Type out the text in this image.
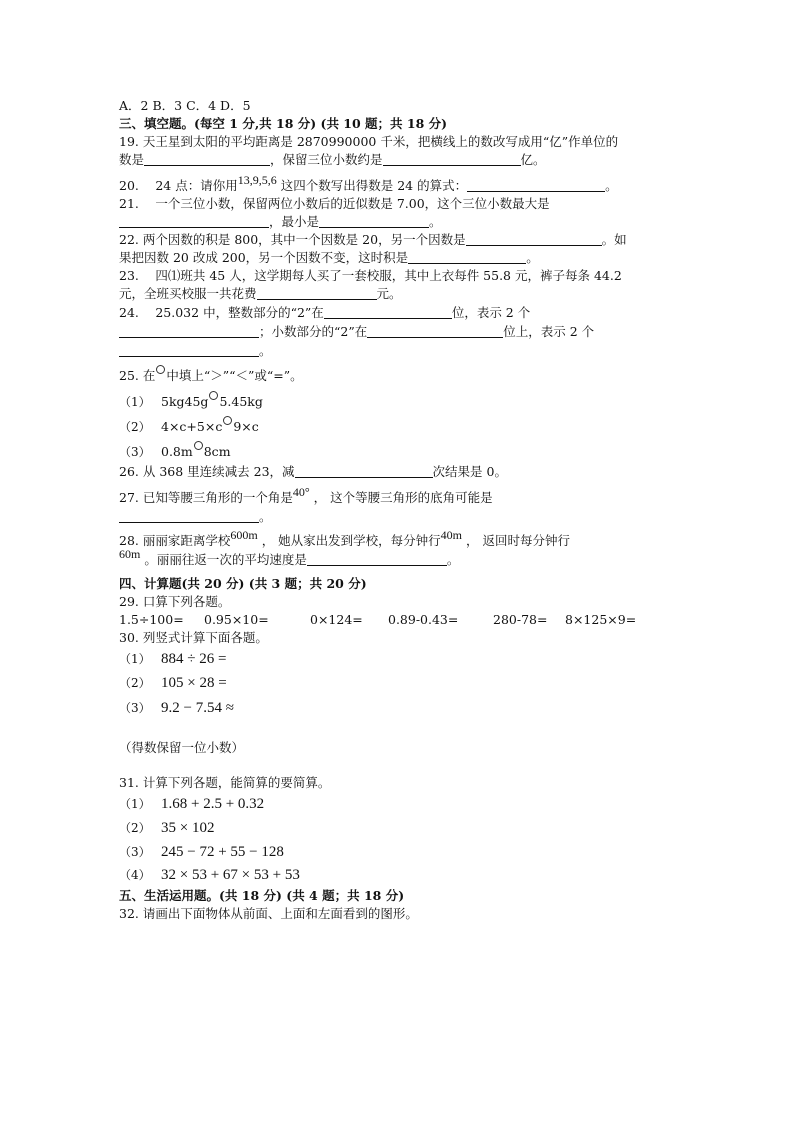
A．2 B．3 C．4 D．5
三、填空题。(每空 1 分,共 18 分) (共 10 题；共 18 分)
19. 天王星到太阳的平均距离是 2870990000 千米，把横线上的数改写成用“亿”作单位的
数是	，保留三位小数约是	亿。
20.　 24 点：请你用13,9,5,6 这四个数写出得数是 24 的算式：	。
21.　 一个三位小数，保留两位小数后的近似数是 7.00，这个三位小数最大是
，最小是	。
22. 两个因数的积是 800，其中一个因数是 20，另一个因数是	。如
果把因数 20 改成 200，另一个因数不变，这时积是	。
23.　 四⑴班共 45 人，这学期每人买了一套校服，其中上衣每件 55.8 元，裤子每条 44.2
元，全班买校服一共花费	元。
24.　 25.032 中，整数部分的“2”在	位，表示 2 个
；小数部分的“2”在	位上，表示 2 个
。
25. 在 中填上“＞”“＜”或“=”。
（1） 5kg45g 5.45kg
（2） 4×c+5×c 9×c
（3） 0.8m 8cm
26. 从 368 里连续减去 23，减	次结果是 0。
27. 已知等腰三角形的一个角是40° ， 这个等腰三角形的底角可能是
。
28. 丽丽家距离学校600m ， 她从家出发到学校，每分钟行40m ， 返回时每分钟行
60m 。丽丽往返一次的平均速度是	。
四、计算题(共 20 分) (共 3 题；共 20 分)
29. 口算下列各题。
1.5÷100= 0.95×10=	0×124= 0.89-0.43=	280-78= 8×125×9=
30. 列竖式计算下面各题。
（1） 884 ÷ 26 =
（2） 105 × 28 =
（3） 9.2 − 7.54 ≈
（得数保留一位小数）
31. 计算下列各题，能简算的要简算。
（1） 1.68 + 2.5 + 0.32
（2） 35 × 102
（3） 245 − 72 + 55 − 128
（4） 32 × 53 + 67 × 53 + 53
五、生活运用题。(共 18 分) (共 4 题；共 18 分)
32. 请画出下面物体从前面、上面和左面看到的图形。
